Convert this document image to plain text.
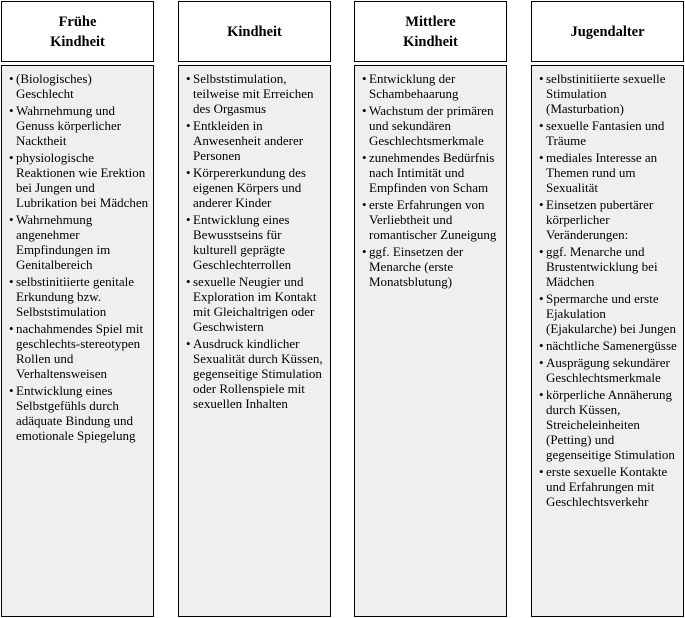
Frühe
Kindheit
• (Biologisches) Geschlecht
• Wahrnehmung und Genuss körperlicher Nacktheit
• physiologische Reaktionen wie Erektion bei Jungen und Lubrikation bei Mädchen
• Wahrnehmung angenehmer Empfindungen im Genitalbereich
• selbstinitiierte genitale Erkundung bzw. Selbststimulation
• nachahmendes Spiel mit geschlechts-stereotypen Rollen und Verhaltensweisen
• Entwicklung eines Selbstgefühls durch adäquate Bindung und emotionale Spiegelung
Kindheit
• Selbststimulation, teilweise mit Erreichen des Orgasmus
• Entkleiden in Anwesenheit anderer Personen
• Körpererkundung des eigenen Körpers und anderer Kinder
• Entwicklung eines Bewusstseins für kulturell geprägte Geschlechterrollen
• sexuelle Neugier und Exploration im Kontakt mit Gleichaltrigen oder Geschwistern
• Ausdruck kindlicher Sexualität durch Küssen, gegenseitige Stimulation oder Rollenspiele mit sexuellen Inhalten
Mittlere
Kindheit
• Entwicklung der Schambehaarung
• Wachstum der primären und sekundären Geschlechtsmerkmale
• zunehmendes Bedürfnis nach Intimität und Empfinden von Scham
• erste Erfahrungen von Verliebtheit und romantischer Zuneigung
• ggf. Einsetzen der Menarche (erste Monatsblutung)
Jugendalter
• selbstinitiierte sexuelle Stimulation (Masturbation)
• sexuelle Fantasien und Träume
• mediales Interesse an Themen rund um Sexualität
• Einsetzen pubertärer körperlicher Veränderungen:
• ggf. Menarche und Brustentwicklung bei Mädchen
• Spermarche und erste Ejakulation (Ejakularche) bei Jungen
• nächtliche Samenergüsse
• Ausprägung sekundärer Geschlechtsmerkmale
• körperliche Annäherung durch Küssen, Streicheleinheiten (Petting) und gegenseitige Stimulation
• erste sexuelle Kontakte und Erfahrungen mit Geschlechtsverkehr
